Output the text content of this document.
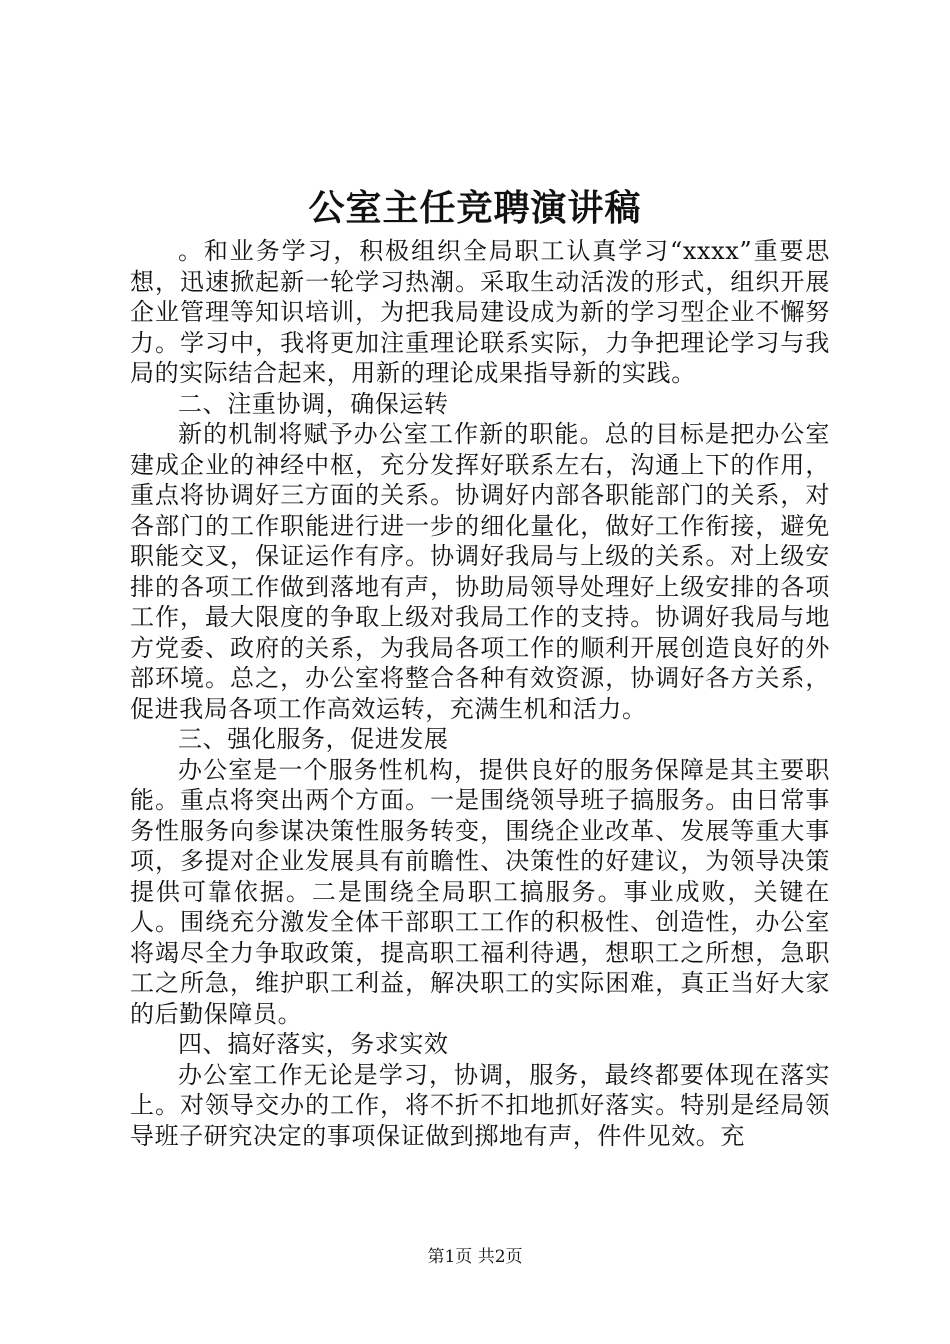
公室主任竞聘演讲稿

。和业务学习，积极组织全局职工认真学习“xxxx”重要思想，迅速掀起新一轮学习热潮。采取生动活泼的形式，组织开展企业管理等知识培训，为把我局建设成为新的学习型企业不懈努力。学习中，我将更加注重理论联系实际，力争把理论学习与我局的实际结合起来，用新的理论成果指导新的实践。

二、注重协调，确保运转

新的机制将赋予办公室工作新的职能。总的目标是把办公室建成企业的神经中枢，充分发挥好联系左右，沟通上下的作用，重点将协调好三方面的关系。协调好内部各职能部门的关系，对各部门的工作职能进行进一步的细化量化，做好工作衔接，避免职能交叉，保证运作有序。协调好我局与上级的关系。对上级安排的各项工作做到落地有声，协助局领导处理好上级安排的各项工作，最大限度的争取上级对我局工作的支持。协调好我局与地方党委、政府的关系，为我局各项工作的顺利开展创造良好的外部环境。总之，办公室将整合各种有效资源，协调好各方关系，促进我局各项工作高效运转，充满生机和活力。

三、强化服务，促进发展

办公室是一个服务性机构，提供良好的服务保障是其主要职能。重点将突出两个方面。一是围绕领导班子搞服务。由日常事务性服务向参谋决策性服务转变，围绕企业改革、发展等重大事项，多提对企业发展具有前瞻性、决策性的好建议，为领导决策提供可靠依据。二是围绕全局职工搞服务。事业成败，关键在人。围绕充分激发全体干部职工工作的积极性、创造性，办公室将竭尽全力争取政策，提高职工福利待遇，想职工之所想，急职工之所急，维护职工利益，解决职工的实际困难，真正当好大家的后勤保障员。

四、搞好落实，务求实效

办公室工作无论是学习，协调，服务，最终都要体现在落实上。对领导交办的工作，将不折不扣地抓好落实。特别是经局领导班子研究决定的事项保证做到掷地有声，件件见效。充

第1页 共2页
